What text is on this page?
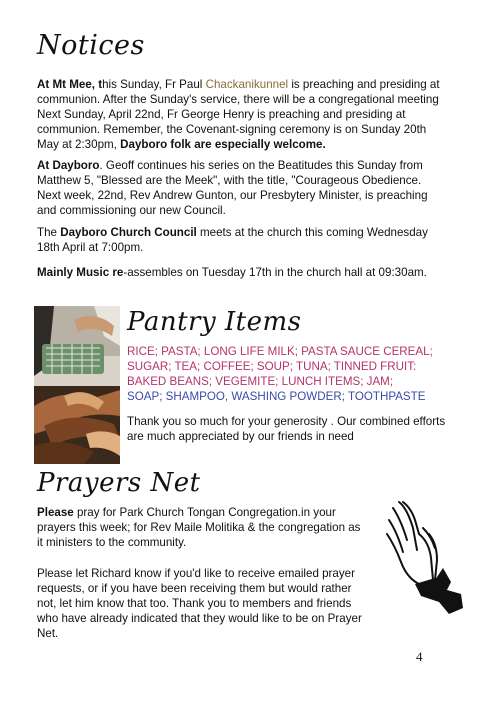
Notices

At Mt Mee, this Sunday, Fr Paul Chackanikunnel is preaching and presiding at
communion. After the Sunday's service, there will be a congregational meeting
Next Sunday, April 22nd, Fr George Henry is preaching and presiding at
communion. Remember, the Covenant-signing ceremony is on Sunday 20th
May at 2:30pm, Dayboro folk are especially welcome.

At Dayboro. Geoff continues his series on the Beatitudes this Sunday from
Matthew 5, "Blessed are the Meek", with the title, "Courageous Obedience.
Next week, 22nd, Rev Andrew Gunton, our Presbytery Minister, is preaching
and commissioning our new Council.

The Dayboro Church Council meets at the church this coming Wednesday
18th April at 7:00pm.

Mainly Music re-assembles on Tuesday 17th in the church hall at 09:30am.

Pantry Items
RICE; PASTA; LONG LIFE MILK; PASTA SAUCE CEREAL;
SUGAR; TEA; COFFEE; SOUP; TUNA; TINNED FRUIT:
BAKED BEANS; VEGEMITE; LUNCH ITEMS; JAM;
SOAP; SHAMPOO, WASHING POWDER; TOOTHPASTE
Thank you so much for your generosity . Our combined efforts
are much appreciated by our friends in need
Prayers Net

Please pray for Park Church Tongan Congregation.in your
prayers this week; for Rev Maile Molitika & the congregation as
it ministers to the community.

Please let Richard know if you'd like to receive emailed prayer
requests, or if you have been receiving them but would rather
not, let him know that too. Thank you to members and friends
who have already indicated that they would like to be on Prayer
Net.

4
